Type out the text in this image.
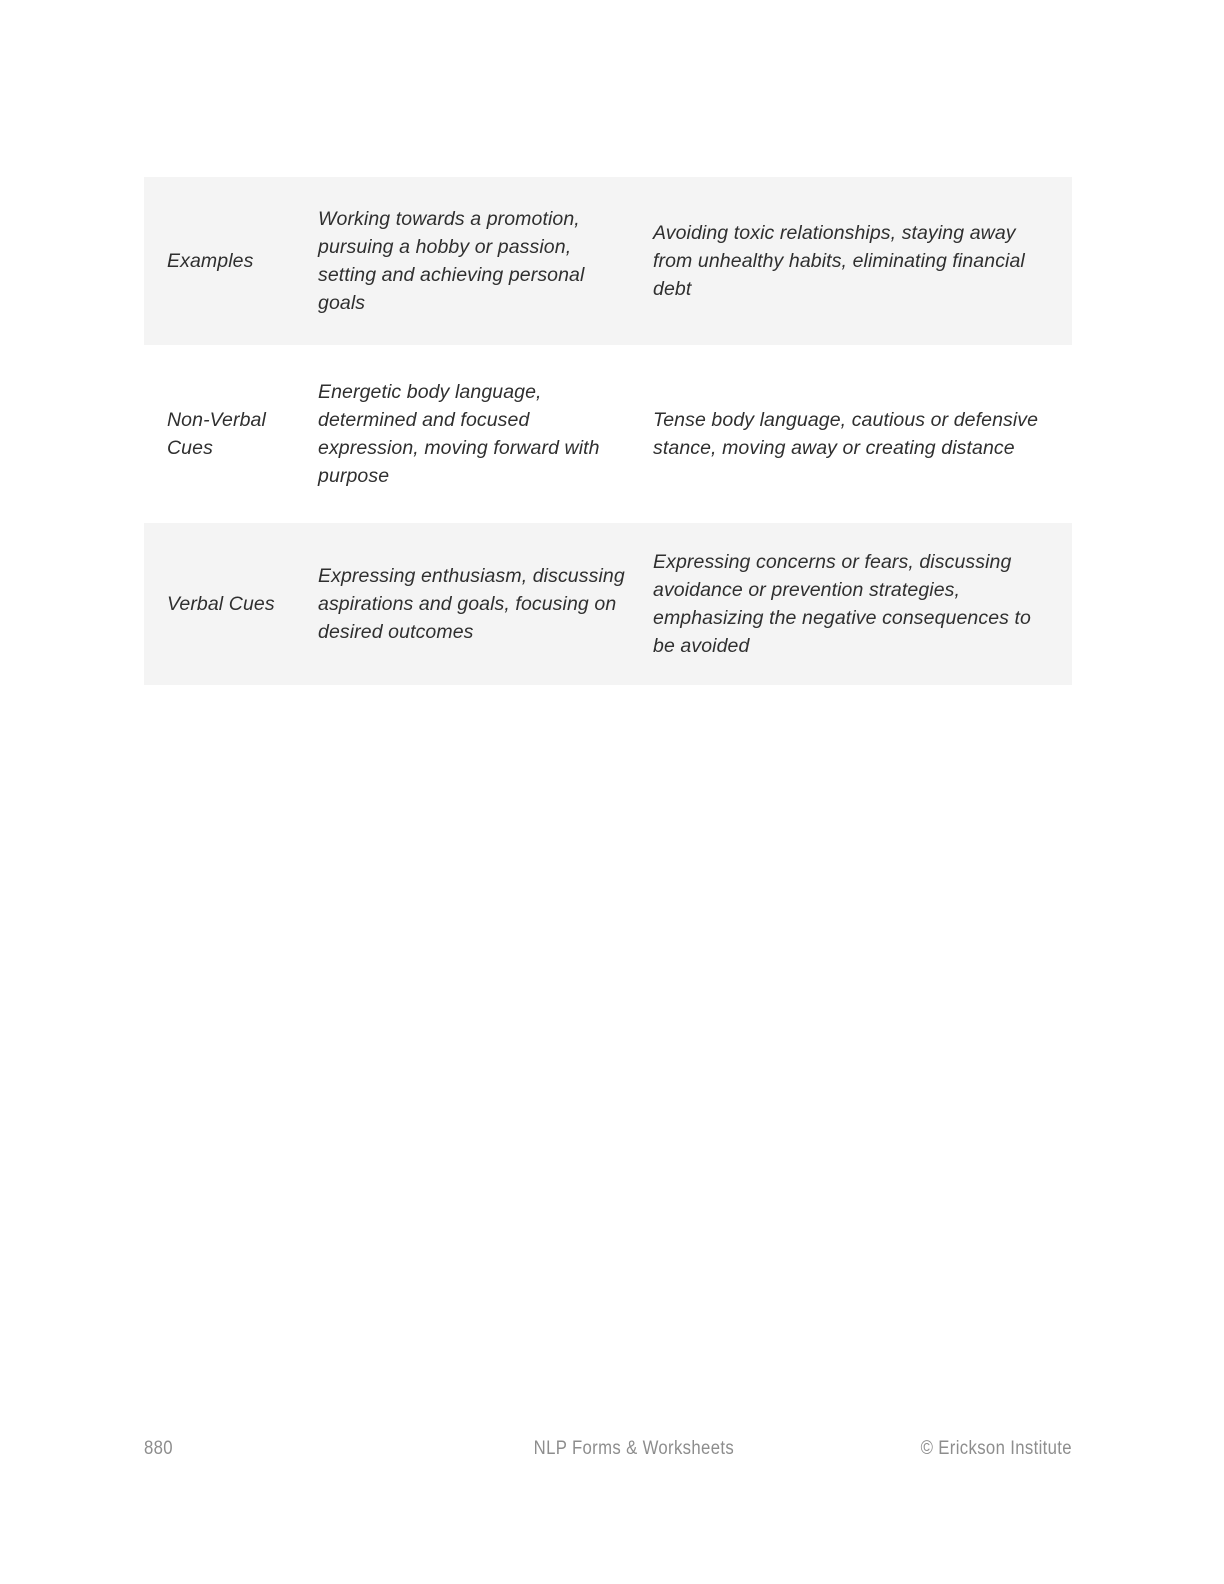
Examples
Working towards a promotion, pursuing a hobby or passion, setting and achieving personal goals
Avoiding toxic relationships, staying away from unhealthy habits, eliminating financial debt
Non-Verbal Cues
Energetic body language, determined and focused expression, moving forward with purpose
Tense body language, cautious or defensive stance, moving away or creating distance
Verbal Cues
Expressing enthusiasm, discussing aspirations and goals, focusing on desired outcomes
Expressing concerns or fears, discussing avoidance or prevention strategies, emphasizing the negative consequences to be avoided
880	NLP Forms & Worksheets	© Erickson Institute
